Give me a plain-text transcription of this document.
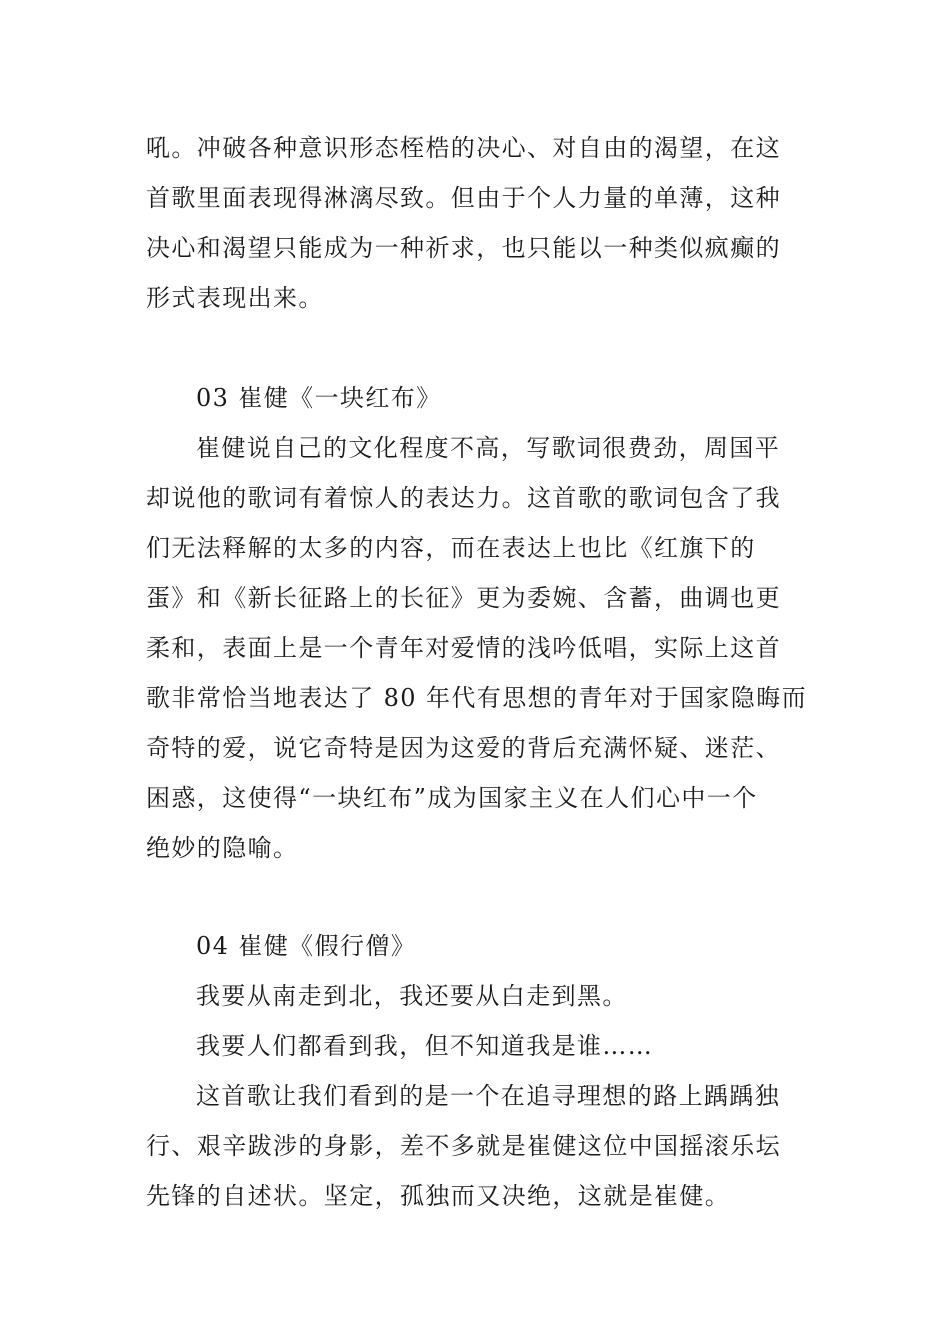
吼。冲破各种意识形态桎梏的决心、对自由的渴望，在这
首歌里面表现得淋漓尽致。但由于个人力量的单薄，这种
决心和渴望只能成为一种祈求，也只能以一种类似疯癫的
形式表现出来。
03 崔健《一块红布》
崔健说自己的文化程度不高，写歌词很费劲，周国平
却说他的歌词有着惊人的表达力。这首歌的歌词包含了我
们无法释解的太多的内容，而在表达上也比《红旗下的
蛋》和《新长征路上的长征》更为委婉、含蓄，曲调也更
柔和，表面上是一个青年对爱情的浅吟低唱，实际上这首
歌非常恰当地表达了 80 年代有思想的青年对于国家隐晦而
奇特的爱，说它奇特是因为这爱的背后充满怀疑、迷茫、
困惑，这使得“一块红布”成为国家主义在人们心中一个
绝妙的隐喻。
04 崔健《假行僧》
我要从南走到北，我还要从白走到黑。
我要人们都看到我，但不知道我是谁……
这首歌让我们看到的是一个在追寻理想的路上踽踽独
行、艰辛跋涉的身影，差不多就是崔健这位中国摇滚乐坛
先锋的自述状。坚定，孤独而又决绝，这就是崔健。
